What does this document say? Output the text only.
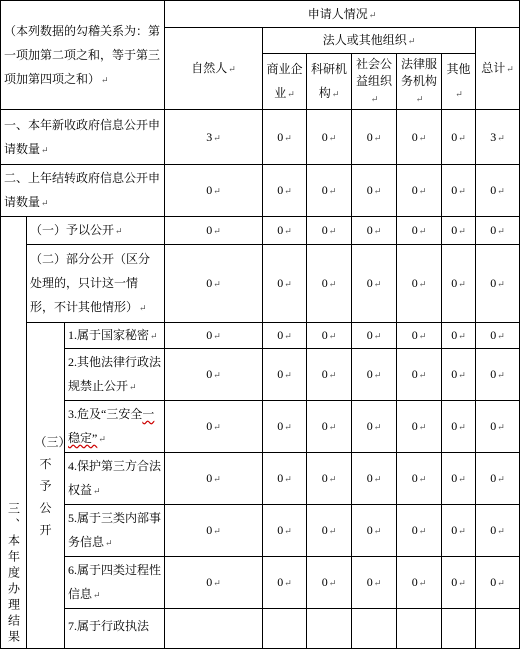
（本列数据的勾稽关系为：第一项加第二项之和，等于第三项加第四项之和）↵			申请人情况↵						
			自然人↵	法人或其他组织↵					总计↵
				商业企业↵	科研机构↵	社会公益组织↵	法律服务机构↵	其他↵	
一、本年新收政府信息公开申请数量↵			3↵	0↵	0↵	0↵	0↵	0↵	3↵
二、上年结转政府信息公开申请数量↵			0↵	0↵	0↵	0↵	0↵	0↵	0↵

三、本年度办理结果	（一）予以公开↵		0↵	0↵	0↵	0↵	0↵	0↵	0↵
	（二）部分公开（区分处理的，只计这一情形，不计其他情形）↵		0↵	0↵	0↵	0↵	0↵	0↵	0↵

	（三）不予公开	1.属于国家秘密↵	0↵	0↵	0↵	0↵	0↵	0↵	0↵
		2.其他法律行政法规禁止公开↵	0↵	0↵	0↵	0↵	0↵	0↵	0↵
		3.危及“三安全一
稳定”↵	0↵	0↵	0↵	0↵	0↵	0↵	0↵
		4.保护第三方合法权益↵	0↵	0↵	0↵	0↵	0↵	0↵	0↵
		5.属于三类内部事务信息↵	0↵	0↵	0↵	0↵	0↵	0↵	0↵
		6.属于四类过程性信息↵	0↵	0↵	0↵	0↵	0↵	0↵	0↵
		7.属于行政执法							
